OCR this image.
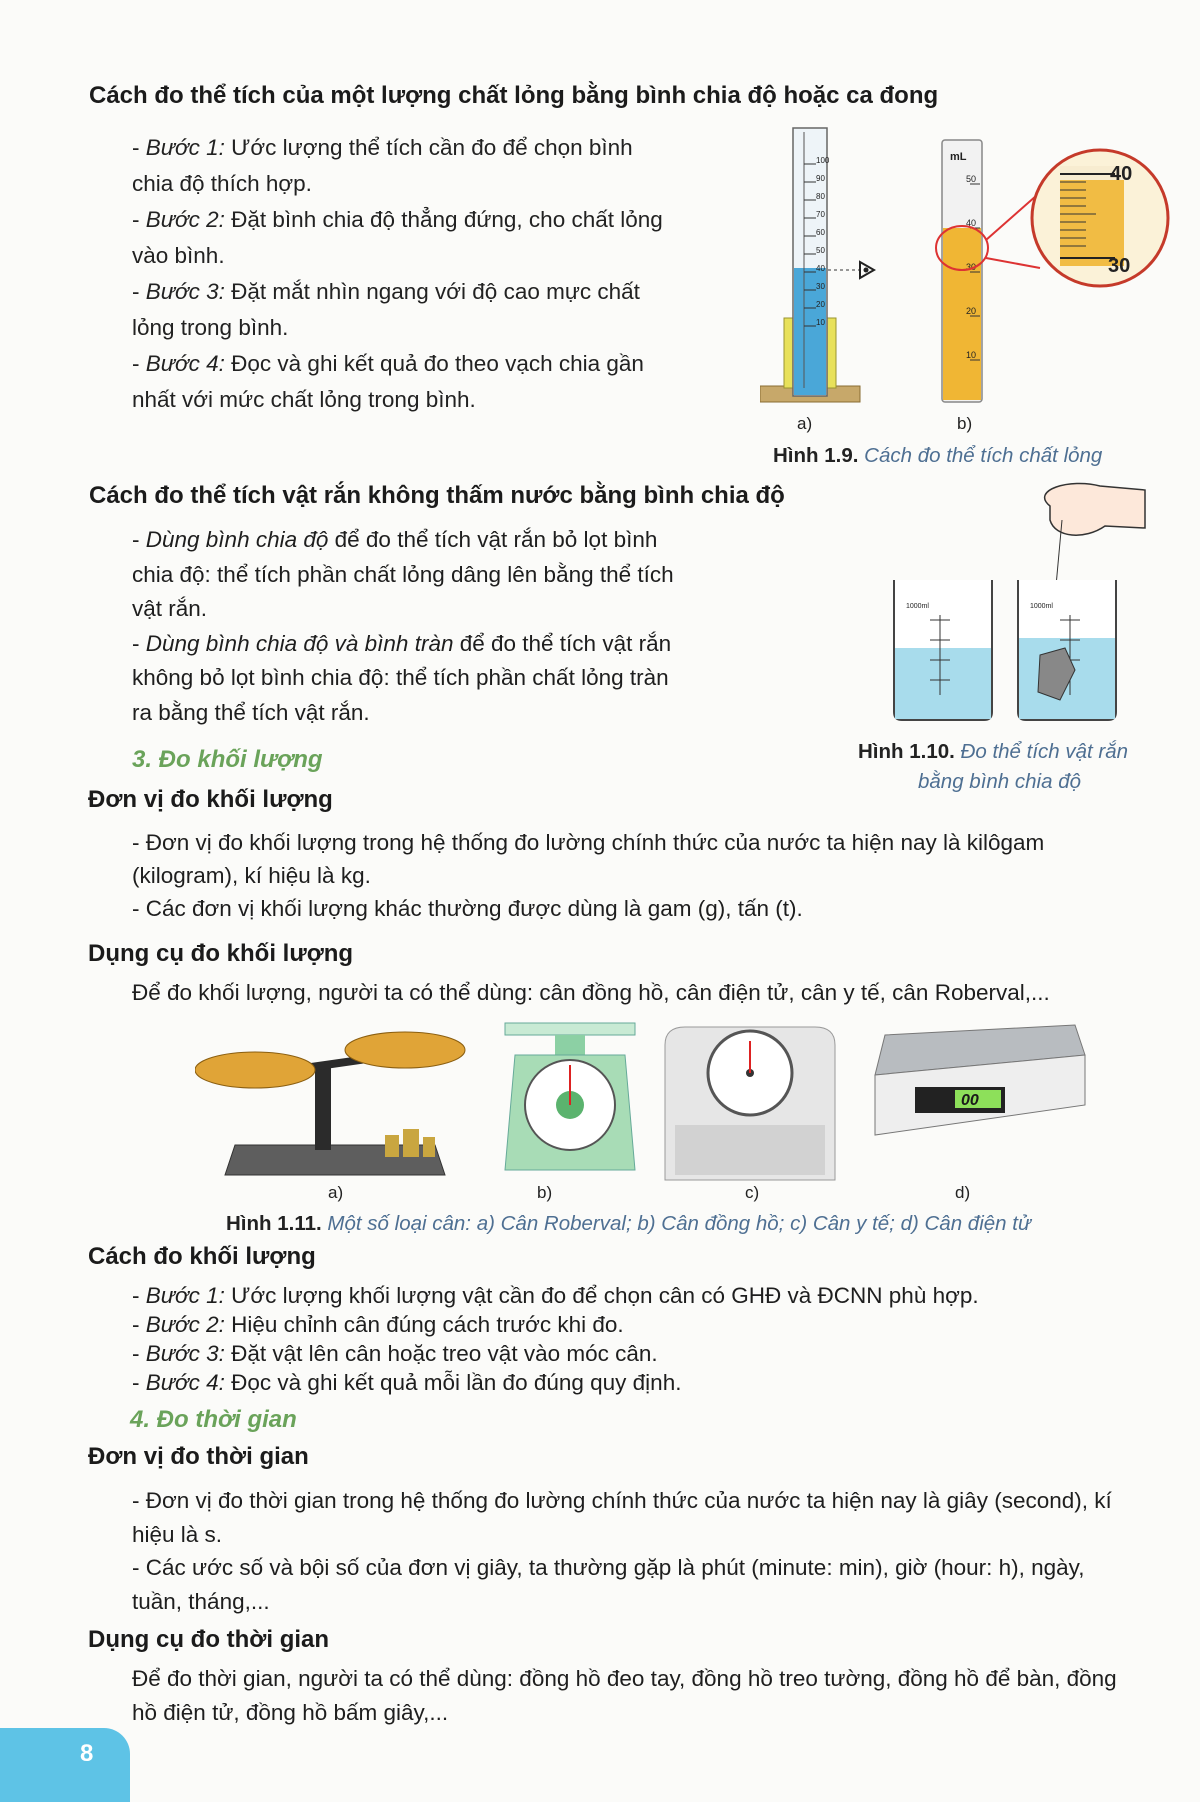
Cách đo thể tích của một lượng chất lỏng bằng bình chia độ hoặc ca đong
- Bước 1: Ước lượng thể tích cần đo để chọn bình
chia độ thích hợp.
- Bước 2: Đặt bình chia độ thẳng đứng, cho chất lỏng
vào bình.
- Bước 3: Đặt mắt nhìn ngang với độ cao mực chất
lỏng trong bình.
- Bước 4: Đọc và ghi kết quả đo theo vạch chia gần
nhất với mức chất lỏng trong bình.
100
90
80
70
60
50
40
30
20
10
mL
50
40
30
20
10
40
30
a)	b)
Hình 1.9. Cách đo thể tích chất lỏng
Cách đo thể tích vật rắn không thấm nước bằng bình chia độ
- Dùng bình chia độ để đo thể tích vật rắn bỏ lọt bình
chia độ: thể tích phần chất lỏng dâng lên bằng thể tích
vật rắn.
- Dùng bình chia độ và bình tràn để đo thể tích vật rắn
không bỏ lọt bình chia độ: thể tích phần chất lỏng tràn
ra bằng thể tích vật rắn.
1000ml	1000ml
Hình 1.10. Đo thể tích vật rắn
bằng bình chia độ
3. Đo khối lượng
Đơn vị đo khối lượng
- Đơn vị đo khối lượng trong hệ thống đo lường chính thức của nước ta hiện nay là kilôgam
(kilogram), kí hiệu là kg.
- Các đơn vị khối lượng khác thường được dùng là gam (g), tấn (t).
Dụng cụ đo khối lượng
Để đo khối lượng, người ta có thể dùng: cân đồng hồ, cân điện tử, cân y tế, cân Roberval,...
00
a)	b)	c)	d)
Hình 1.11. Một số loại cân: a) Cân Roberval; b) Cân đồng hồ; c) Cân y tế; d) Cân điện tử
Cách đo khối lượng
- Bước 1: Ước lượng khối lượng vật cần đo để chọn cân có GHĐ và ĐCNN phù hợp.
- Bước 2: Hiệu chỉnh cân đúng cách trước khi đo.
- Bước 3: Đặt vật lên cân hoặc treo vật vào móc cân.
- Bước 4: Đọc và ghi kết quả mỗi lần đo đúng quy định.
4. Đo thời gian
Đơn vị đo thời gian
- Đơn vị đo thời gian trong hệ thống đo lường chính thức của nước ta hiện nay là giây (second), kí
hiệu là s.
- Các ước số và bội số của đơn vị giây, ta thường gặp là phút (minute: min), giờ (hour: h), ngày,
tuần, tháng,...
Dụng cụ đo thời gian
Để đo thời gian, người ta có thể dùng: đồng hồ đeo tay, đồng hồ treo tường, đồng hồ để bàn, đồng
hồ điện tử, đồng hồ bấm giây,...
8
